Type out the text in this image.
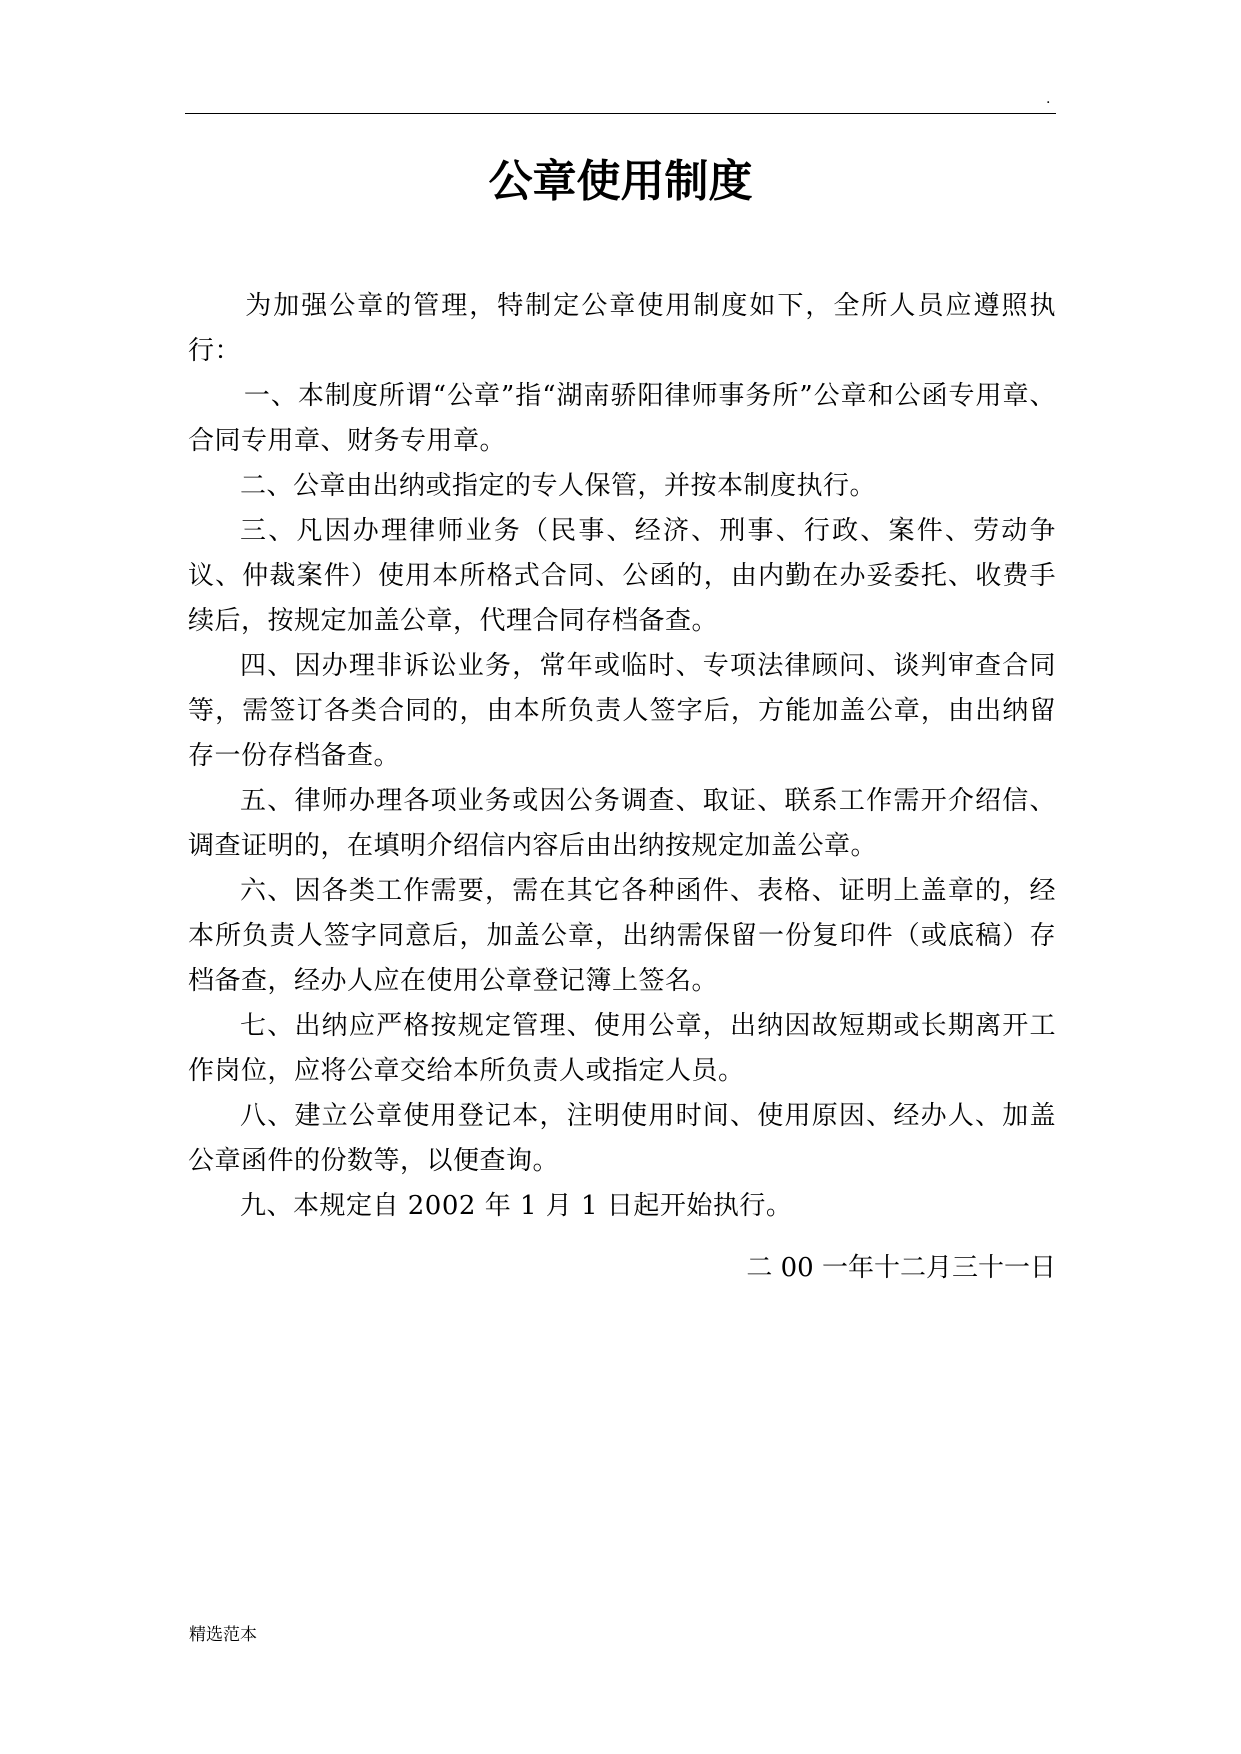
.
公章使用制度

为加强公章的管理，特制定公章使用制度如下，全所人员应遵照执行：

一、本制度所谓“公章”指“湖南骄阳律师事务所”公章和公函专用章、合同专用章、财务专用章。

二、公章由出纳或指定的专人保管，并按本制度执行。

三、凡因办理律师业务（民事、经济、刑事、行政、案件、劳动争议、仲裁案件）使用本所格式合同、公函的，由内勤在办妥委托、收费手续后，按规定加盖公章，代理合同存档备查。

四、因办理非诉讼业务，常年或临时、专项法律顾问、谈判审查合同等，需签订各类合同的，由本所负责人签字后，方能加盖公章，由出纳留存一份存档备查。

五、律师办理各项业务或因公务调查、取证、联系工作需开介绍信、调查证明的，在填明介绍信内容后由出纳按规定加盖公章。

六、因各类工作需要，需在其它各种函件、表格、证明上盖章的，经本所负责人签字同意后，加盖公章，出纳需保留一份复印件（或底稿）存档备查，经办人应在使用公章登记簿上签名。

七、出纳应严格按规定管理、使用公章，出纳因故短期或长期离开工作岗位，应将公章交给本所负责人或指定人员。

八、建立公章使用登记本，注明使用时间、使用原因、经办人、加盖公章函件的份数等，以便查询。

九、本规定自 2002 年 1 月 1 日起开始执行。

二 00 一年十二月三十一日
精选范本
